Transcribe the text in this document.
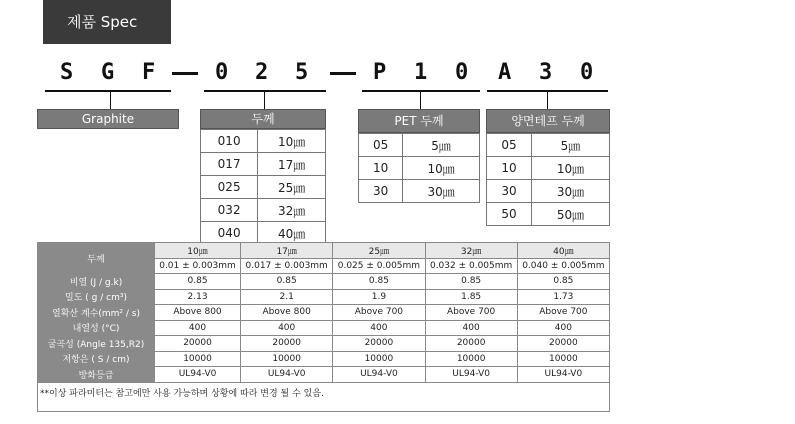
제품 Spec
S G F	0 2 5	P 1 0 A 3 0
Graphite	두께
010	10㎛
017	17㎛
025	25㎛
032	32㎛
040	40㎛
PET 두께
05	5㎛
10	10㎛
30	30㎛
양면테프 두께
05	5㎛
10	10㎛
30	30㎛
50	50㎛
두께	10㎛	17㎛	25㎛	32㎛	40㎛
	0.01 ± 0.003mm	0.017 ± 0.003mm	0.025 ± 0.005mm	0.032 ± 0.005mm	0.040 ± 0.005mm
비열 (J / g.k)	0.85	0.85	0.85	0.85	0.85
밀도 ( g / cm³)	2.13	2.1	1.9	1.85	1.73
열확산 계수(mm² / s)	Above 800	Above 800	Above 700	Above 700	Above 700
내열성 (°C)	400	400	400	400	400
굴곡성 (Angle 135,R2)	20000	20000	20000	20000	20000
저항은 ( S / cm)	10000	10000	10000	10000	10000
방화등급	UL94-V0	UL94-V0	UL94-V0	UL94-V0	UL94-V0
**이상 파라미터는 참고에만 사용 가능하며 상황에 따라 변경 될 수 있음.
